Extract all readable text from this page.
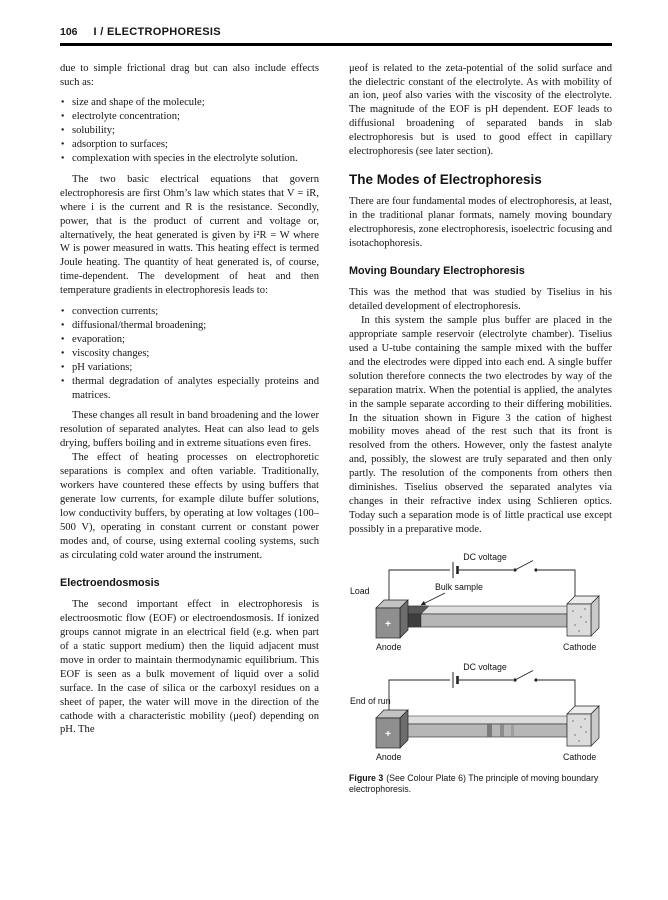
106 I / ELECTROPHORESIS

due to simple frictional drag but can also include effects such as:

● size and shape of the molecule;
● electrolyte concentration;
● solubility;
● adsorption to surfaces;
● complexation with species in the electrolyte solution.

The two basic electrical equations that govern electrophoresis are first Ohm’s law which states that V = iR, where i is the current and R is the resistance. Secondly, power, that is the product of current and voltage or, alternatively, the heat generated is given by i²R = W where W is power measured in watts. This heating effect is termed Joule heating. The quantity of heat generated is, of course, time-dependent. The development of heat and then temperature gradients in electrophoresis leads to:

● convection currents;
● diffusional/thermal broadening;
● evaporation;
● viscosity changes;
● pH variations;
● thermal degradation of analytes especially proteins and matrices.

These changes all result in band broadening and the lower resolution of separated analytes. Heat can also lead to gels drying, buffers boiling and in extreme situations even fires.

The effect of heating processes on electrophoretic separations is complex and often variable. Traditionally, workers have countered these effects by using buffers that generate low currents, for example dilute buffer solutions, low conductivity buffers, by operating at low voltages (100–500 V), operating in constant current or constant power modes and, of course, using external cooling systems, such as circulating cold water around the instrument.

Electroendosmosis

The second important effect in electrophoresis is electroosmotic flow (EOF) or electroendosmosis. If ionized groups cannot migrate in an electrical field (e.g. when part of a static support medium) then the liquid adjacent must move in order to maintain thermodynamic equilibrium. This EOF is seen as a bulk movement of liquid over a solid surface. In the case of silica or the carboxyl residues on a sheet of paper, the water will move in the direction of the cathode with a characteristic mobility (μeof) depending on pH. The

μeof is related to the zeta-potential of the solid surface and the dielectric constant of the electrolyte. As with mobility of an ion, μeof also varies with the viscosity of the electrolyte. The magnitude of the EOF is pH dependent. EOF leads to diffusional broadening of separated bands in slab electrophoresis but is used to good effect in capillary electrophoresis (see later section).

The Modes of Electrophoresis

There are four fundamental modes of electrophoresis, at least, in the traditional planar formats, namely moving boundary electrophoresis, zone electrophoresis, isoelectric focusing and isotachophoresis.

Moving Boundary Electrophoresis

This was the method that was studied by Tiselius in his detailed development of electrophoresis.

In this system the sample plus buffer are placed in the appropriate sample reservoir (electrolyte chamber). Tiselius used a U-tube containing the sample mixed with the buffer and the electrodes were dipped into each end. A single buffer solution therefore connects the two electrodes by way of the separation matrix. When the potential is applied, the analytes in the sample separate according to their differing mobilities. In the situation shown in Figure 3 the cation of highest mobility moves ahead of the rest such that its front is resolved from the others. However, only the fastest analyte and, possibly, the slowest are truly separated and then only partly. The resolution of the components from others then diminishes. Tiselius observed the separated analytes via changes in their refractive index using Schlieren optics. Today such a separation mode is of little practical use except possibly in a preparative mode.

DC voltage
+
Load	Bulk sample
Anode	Cathode
DC voltage
+
End of run
Anode	Cathode
Figure 3 (See Colour Plate 6) The principle of moving boundary electrophoresis.
